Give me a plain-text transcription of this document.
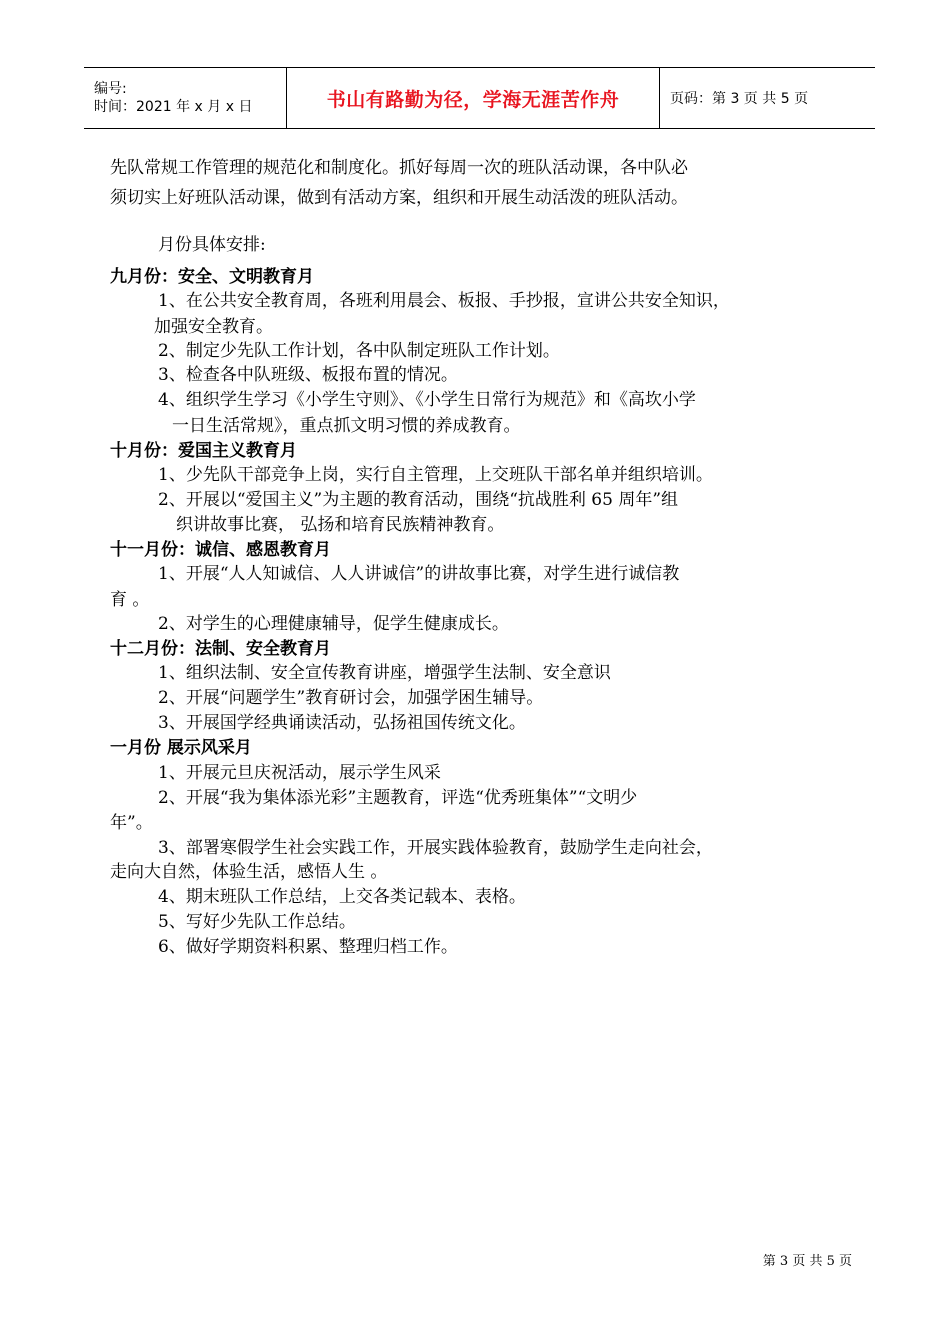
编号:
时间：2021 年 x 月 x 日	书山有路勤为径，学海无涯苦作舟	页码：第 3 页 共 5 页
先队常规工作管理的规范化和制度化。抓好每周一次的班队活动课，各中队必
须切实上好班队活动课，做到有活动方案，组织和开展生动活泼的班队活动。
月份具体安排:
九月份：安全、文明教育月
1、在公共安全教育周，各班利用晨会、板报、手抄报，宣讲公共安全知识，
加强安全教育。
2、制定少先队工作计划，各中队制定班队工作计划。
3、检查各中队班级、板报布置的情况。
4、组织学生学习《小学生守则》、《小学生日常行为规范》和《高坎小学
一日生活常规》，重点抓文明习惯的养成教育。
十月份：爱国主义教育月
1、少先队干部竞争上岗，实行自主管理，上交班队干部名单并组织培训。
2、开展以“爱国主义”为主题的教育活动，围绕“抗战胜利 65 周年”组
织讲故事比赛， 弘扬和培育民族精神教育。
十一月份：诚信、感恩教育月
1、开展“人人知诚信、人人讲诚信”的讲故事比赛，对学生进行诚信教
育 。
2、对学生的心理健康辅导，促学生健康成长。
十二月份：法制、安全教育月
1、组织法制、安全宣传教育讲座，增强学生法制、安全意识
2、开展“问题学生”教育研讨会，加强学困生辅导。
3、开展国学经典诵读活动，弘扬祖国传统文化。
一月份 展示风采月
1、开展元旦庆祝活动，展示学生风采
2、开展“我为集体添光彩”主题教育，评选“优秀班集体”“文明少
年”。
3、部署寒假学生社会实践工作，开展实践体验教育，鼓励学生走向社会，
走向大自然，体验生活，感悟人生 。
4、期末班队工作总结，上交各类记载本、表格。
5、写好少先队工作总结。
6、做好学期资料积累、整理归档工作。
第 3 页 共 5 页
